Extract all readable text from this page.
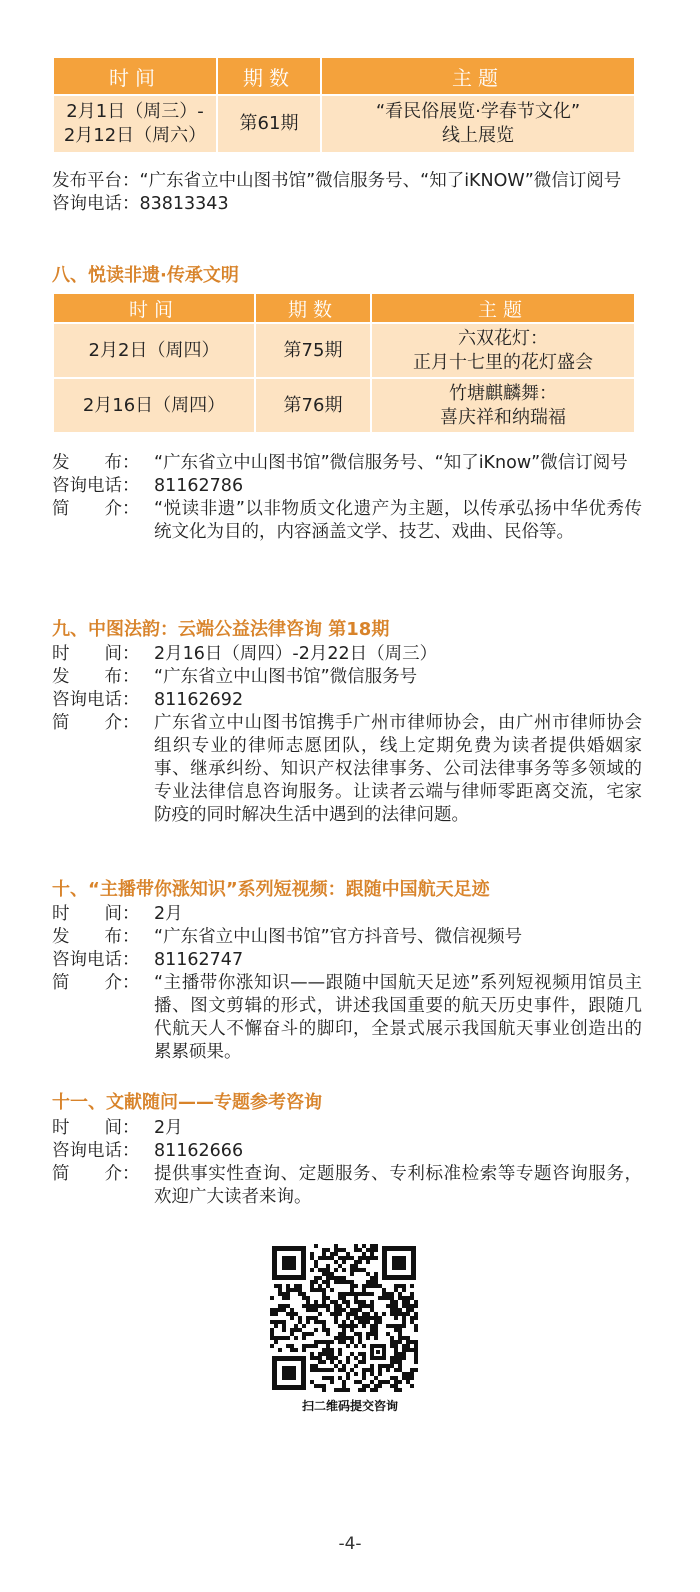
时间	期数	主题

2月1日（周三）-
2月12日（周六）	第61期	“看民俗展览·学春节文化”
线上展览
发布平台：“广东省立中山图书馆”微信服务号、“知了iKNOW”微信订阅号
咨询电话：83813343
八、悦读非遗·传承文明
时间	期数	主题
2月2日（周四）	第75期	六双花灯：
正月十七里的花灯盛会

2月16日（周四）	第76期	竹塘麒麟舞：
喜庆祥和纳瑞福
发　　布： “广东省立中山图书馆”微信服务号、“知了iKnow”微信订阅号
咨询电话： 81162786
简　　介： “悦读非遗”以非物质文化遗产为主题，以传承弘扬中华优秀传统文化为目的，内容涵盖文学、技艺、戏曲、民俗等。
九、中图法韵：云端公益法律咨询 第18期
时　　间： 2月16日（周四）-2月22日（周三）
发　　布： “广东省立中山图书馆”微信服务号
咨询电话： 81162692
简　　介： 广东省立中山图书馆携手广州市律师协会，由广州市律师协会组织专业的律师志愿团队，线上定期免费为读者提供婚姻家事、继承纠纷、知识产权法律事务、公司法律事务等多领域的专业法律信息咨询服务。让读者云端与律师零距离交流，宅家防疫的同时解决生活中遇到的法律问题。
十、“主播带你涨知识”系列短视频：跟随中国航天足迹
时　　间： 2月
发　　布： “广东省立中山图书馆”官方抖音号、微信视频号
咨询电话： 81162747
简　　介： “主播带你涨知识——跟随中国航天足迹”系列短视频用馆员主播、图文剪辑的形式，讲述我国重要的航天历史事件，跟随几代航天人不懈奋斗的脚印，全景式展示我国航天事业创造出的累累硕果。
十一、文献随问——专题参考咨询
时　　间： 2月
咨询电话： 81162666
简　　介： 提供事实性查询、定题服务、专利标准检索等专题咨询服务，欢迎广大读者来询。
扫二维码提交咨询
-4-
